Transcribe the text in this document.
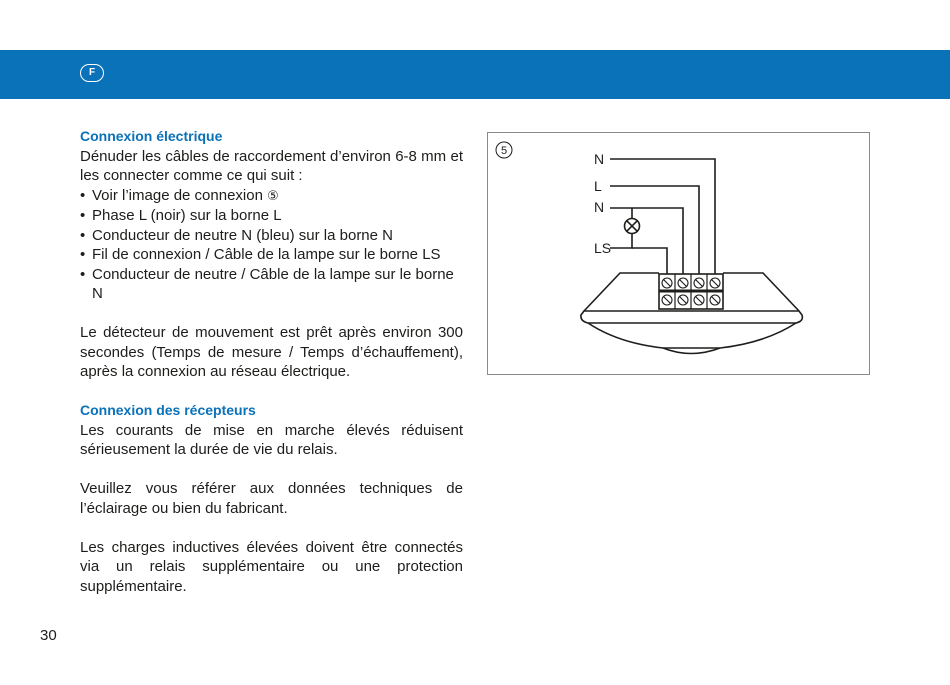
F

Connexion électrique

Dénuder les câbles de raccordement d’environ 6-8 mm et les connecter comme ce qui suit :

• Voir l’image de connexion ⑤
• Phase L (noir) sur la borne L
• Conducteur de neutre N (bleu) sur la borne N
• Fil de connexion / Câble de la lampe sur le borne LS
• Conducteur de neutre / Câble de la lampe sur le borne N

Le détecteur de mouvement est prêt après environ 300 secondes (Temps de mesure / Temps d’échauffement), après la connexion au réseau électrique.

Connexion des récepteurs

Les courants de mise en marche élevés réduisent sérieusement la durée de vie du relais.

Veuillez vous référer aux données techniques de l’éclairage ou bien du fabricant.

Les charges inductives élevées doivent être connectés via un relais supplémentaire ou une protection supplémentaire.

5	N
L
N
LS
30
